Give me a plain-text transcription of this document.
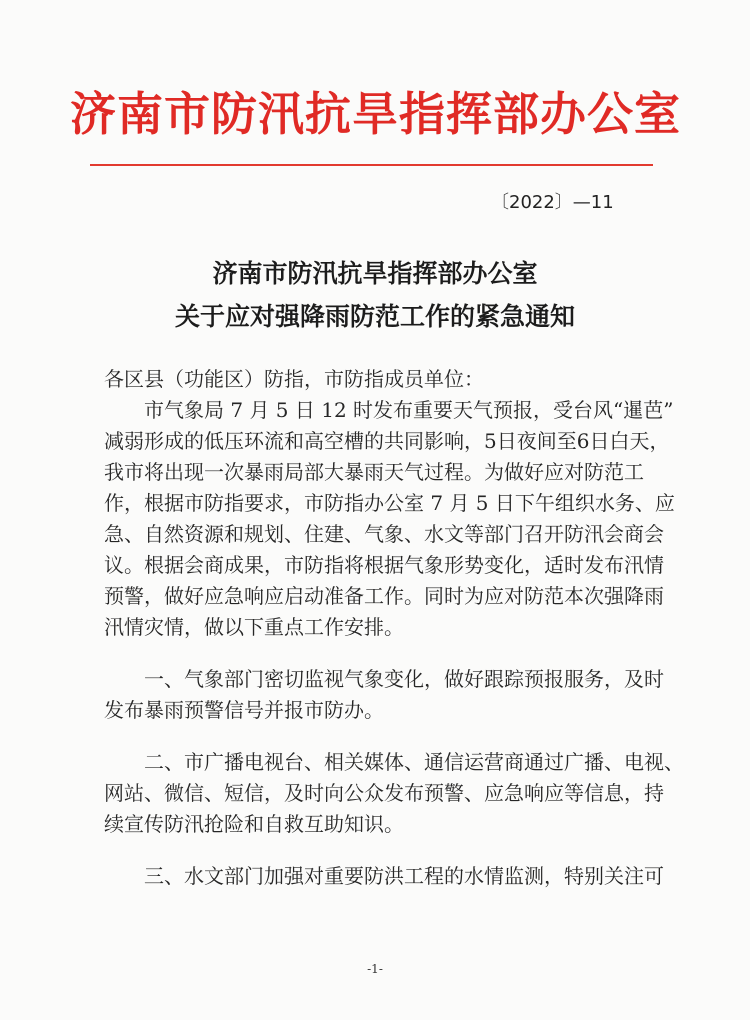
济南市防汛抗旱指挥部办公室
〔2022〕—11
济南市防汛抗旱指挥部办公室
关于应对强降雨防范工作的紧急通知

各区县（功能区）防指，市防指成员单位：

　　市气象局 7 月 5 日 12 时发布重要天气预报，受台风“暹芭”
减弱形成的低压环流和高空槽的共同影响，5日夜间至6日白天，
我市将出现一次暴雨局部大暴雨天气过程。为做好应对防范工
作，根据市防指要求，市防指办公室 7 月 5 日下午组织水务、应
急、自然资源和规划、住建、气象、水文等部门召开防汛会商会
议。根据会商成果，市防指将根据气象形势变化，适时发布汛情
预警，做好应急响应启动准备工作。同时为应对防范本次强降雨
汛情灾情，做以下重点工作安排。
　　一、气象部门密切监视气象变化，做好跟踪预报服务，及时
发布暴雨预警信号并报市防办。
　　二、市广播电视台、相关媒体、通信运营商通过广播、电视、
网站、微信、短信，及时向公众发布预警、应急响应等信息，持
续宣传防汛抢险和自救互助知识。
　　三、水文部门加强对重要防洪工程的水情监测，特别关注可
-1-
